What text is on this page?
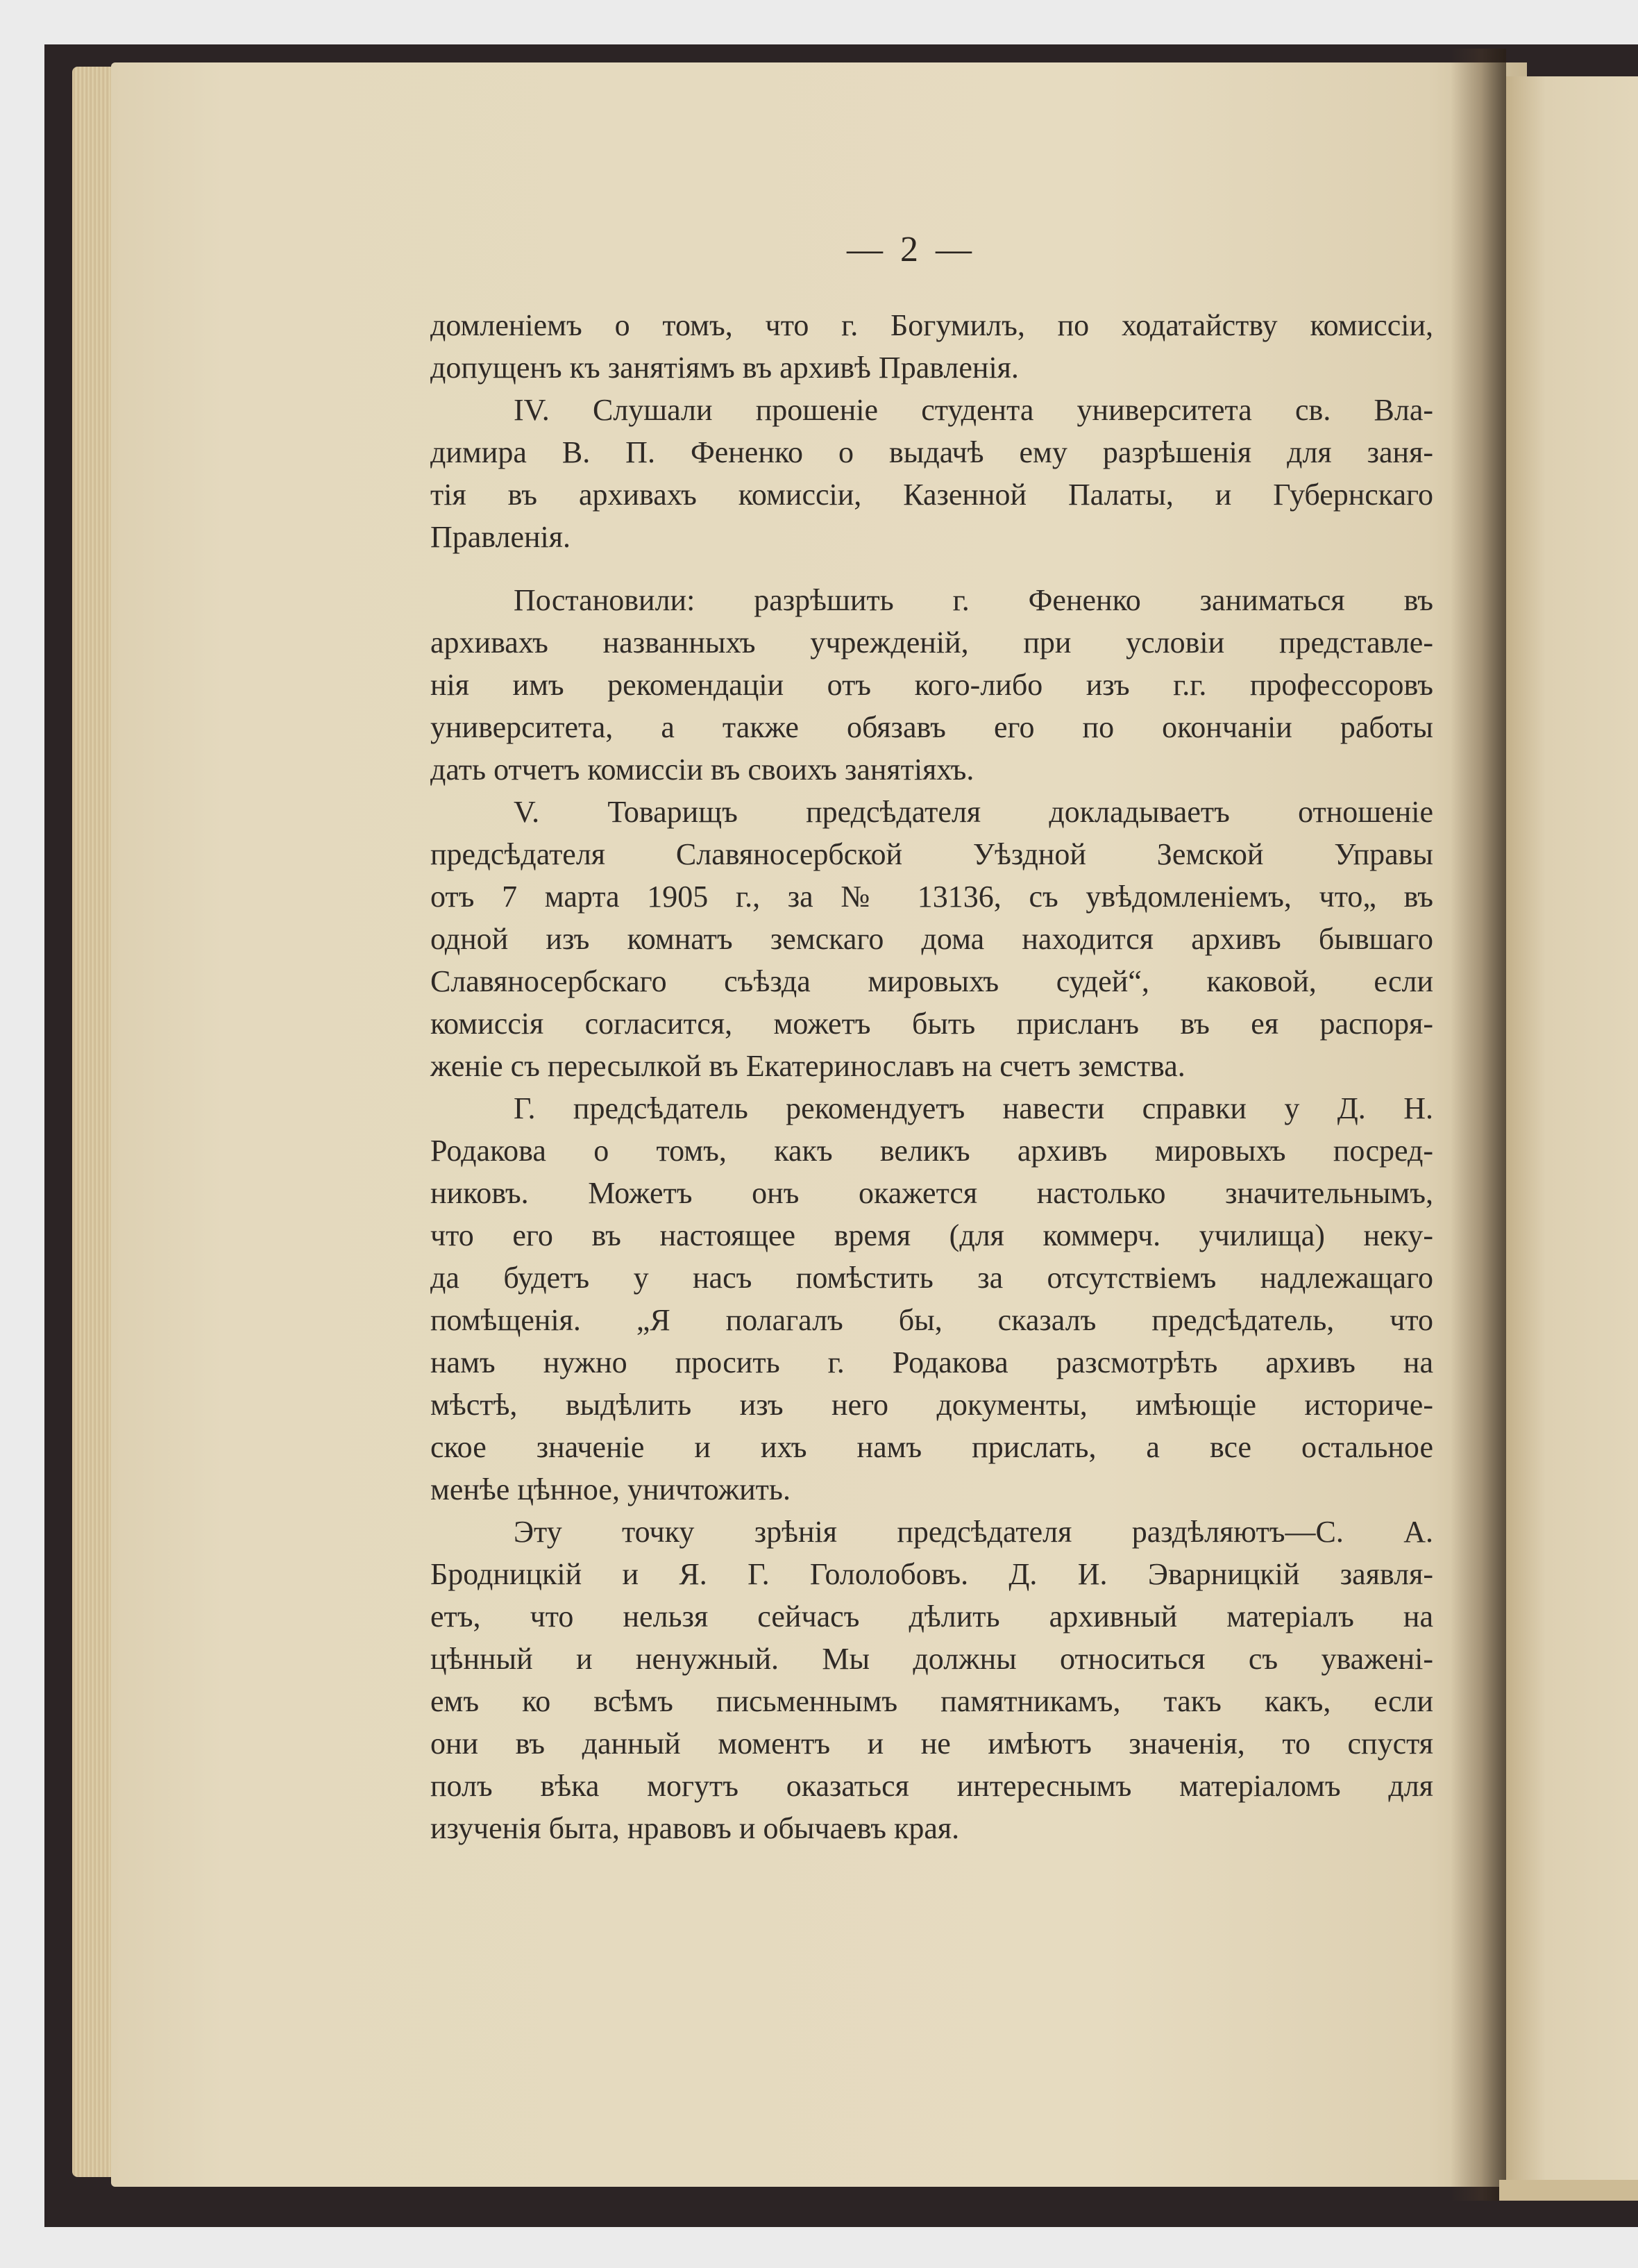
— 2 —
домленіемъ о томъ, что г. Богумилъ, по ходатайству комиссіи,
допущенъ къ занятіямъ въ архивѣ Правленія.
IV. Слушали прошеніе студента университета св. Вла-
димира В. П. Фененко о выдачѣ ему разрѣшенія для заня-
тія въ архивахъ комиссіи, Казенной Палаты, и Губернскаго
Правленія.
Постановили: разрѣшить г. Фененко заниматься въ
архивахъ названныхъ учрежденій, при условіи представле-
нія имъ рекомендаціи отъ кого-либо изъ г.г. профессоровъ
университета, а также обязавъ его по окончаніи работы
дать отчетъ комиссіи въ своихъ занятіяхъ.
V. Товарищъ предсѣдателя докладываетъ отношеніе
предсѣдателя Славяносербской Уѣздной Земской Управы
отъ 7 марта 1905 г., за № 13136, съ увѣдомленіемъ, что„ въ
одной изъ комнатъ земскаго дома находится архивъ бывшаго
Славяносербскаго съѣзда мировыхъ судей“, каковой, если
комиссія согласится, можетъ быть присланъ въ ея распоря-
женіе съ пересылкой въ Екатеринославъ на счетъ земства.
Г. предсѣдатель рекомендуетъ навести справки у Д. Н.
Родакова о томъ, какъ великъ архивъ мировыхъ посред-
никовъ. Можетъ онъ окажется настолько значительнымъ,
что его въ настоящее время (для коммерч. училища) неку-
да будетъ у насъ помѣстить за отсутствіемъ надлежащаго
помѣщенія. „Я полагалъ бы, сказалъ предсѣдатель, что
намъ нужно просить г. Родакова разсмотрѣть архивъ на
мѣстѣ, выдѣлить изъ него документы, имѣющіе историче-
ское значеніе и ихъ намъ прислать, а все остальное
менѣе цѣнное, уничтожить.
Эту точку зрѣнія предсѣдателя раздѣляютъ—С. А.
Бродницкій и Я. Г. Гололобовъ. Д. И. Эварницкій заявля-
етъ, что нельзя сейчасъ дѣлить архивный матеріалъ на
цѣнный и ненужный. Мы должны относиться съ уважені-
емъ ко всѣмъ письменнымъ памятникамъ, такъ какъ, если
они въ данный моментъ и не имѣютъ значенія, то спустя
полъ вѣка могутъ оказаться интереснымъ матеріаломъ для
изученія быта, нравовъ и обычаевъ края.
